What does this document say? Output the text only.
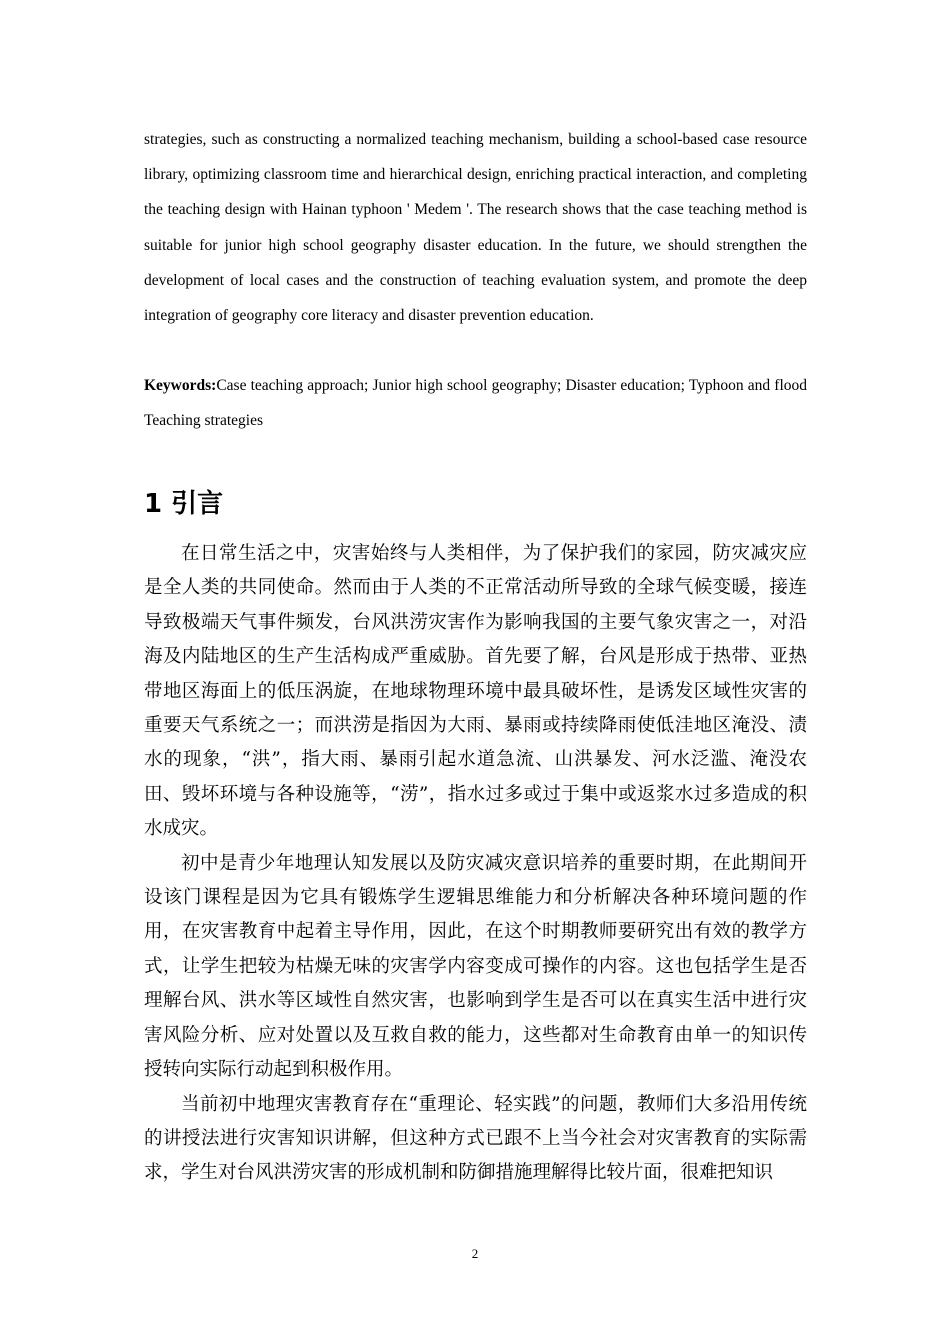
strategies, such as constructing a normalized teaching mechanism, building a school-based case resource library, optimizing classroom time and hierarchical design, enriching practical interaction, and completing the teaching design with Hainan typhoon ' Medem '. The research shows that the case teaching method is suitable for junior high school geography disaster education. In the future, we should strengthen the development of local cases and the construction of teaching evaluation system, and promote the deep integration of geography core literacy and disaster prevention education.

Keywords:Case teaching approach; Junior high school geography; Disaster education; Typhoon and flood Teaching strategies

1 引言

在日常生活之中，灾害始终与人类相伴，为了保护我们的家园，防灾减灾应是全人类的共同使命。然而由于人类的不正常活动所导致的全球气候变暖，接连导致极端天气事件频发，台风洪涝灾害作为影响我国的主要气象灾害之一，对沿海及内陆地区的生产生活构成严重威胁。首先要了解，台风是形成于热带、亚热带地区海面上的低压涡旋，在地球物理环境中最具破坏性，是诱发区域性灾害的重要天气系统之一；而洪涝是指因为大雨、暴雨或持续降雨使低洼地区淹没、渍水的现象，“洪”，指大雨、暴雨引起水道急流、山洪暴发、河水泛滥、淹没农田、毁坏环境与各种设施等，“涝”，指水过多或过于集中或返浆水过多造成的积水成灾。

初中是青少年地理认知发展以及防灾减灾意识培养的重要时期，在此期间开设该门课程是因为它具有锻炼学生逻辑思维能力和分析解决各种环境问题的作用，在灾害教育中起着主导作用，因此，在这个时期教师要研究出有效的教学方式，让学生把较为枯燥无味的灾害学内容变成可操作的内容。这也包括学生是否理解台风、洪水等区域性自然灾害，也影响到学生是否可以在真实生活中进行灾害风险分析、应对处置以及互救自救的能力，这些都对生命教育由单一的知识传授转向实际行动起到积极作用。

当前初中地理灾害教育存在“重理论、轻实践”的问题，教师们大多沿用传统的讲授法进行灾害知识讲解，但这种方式已跟不上当今社会对灾害教育的实际需求，学生对台风洪涝灾害的形成机制和防御措施理解得比较片面，很难把知识

2
